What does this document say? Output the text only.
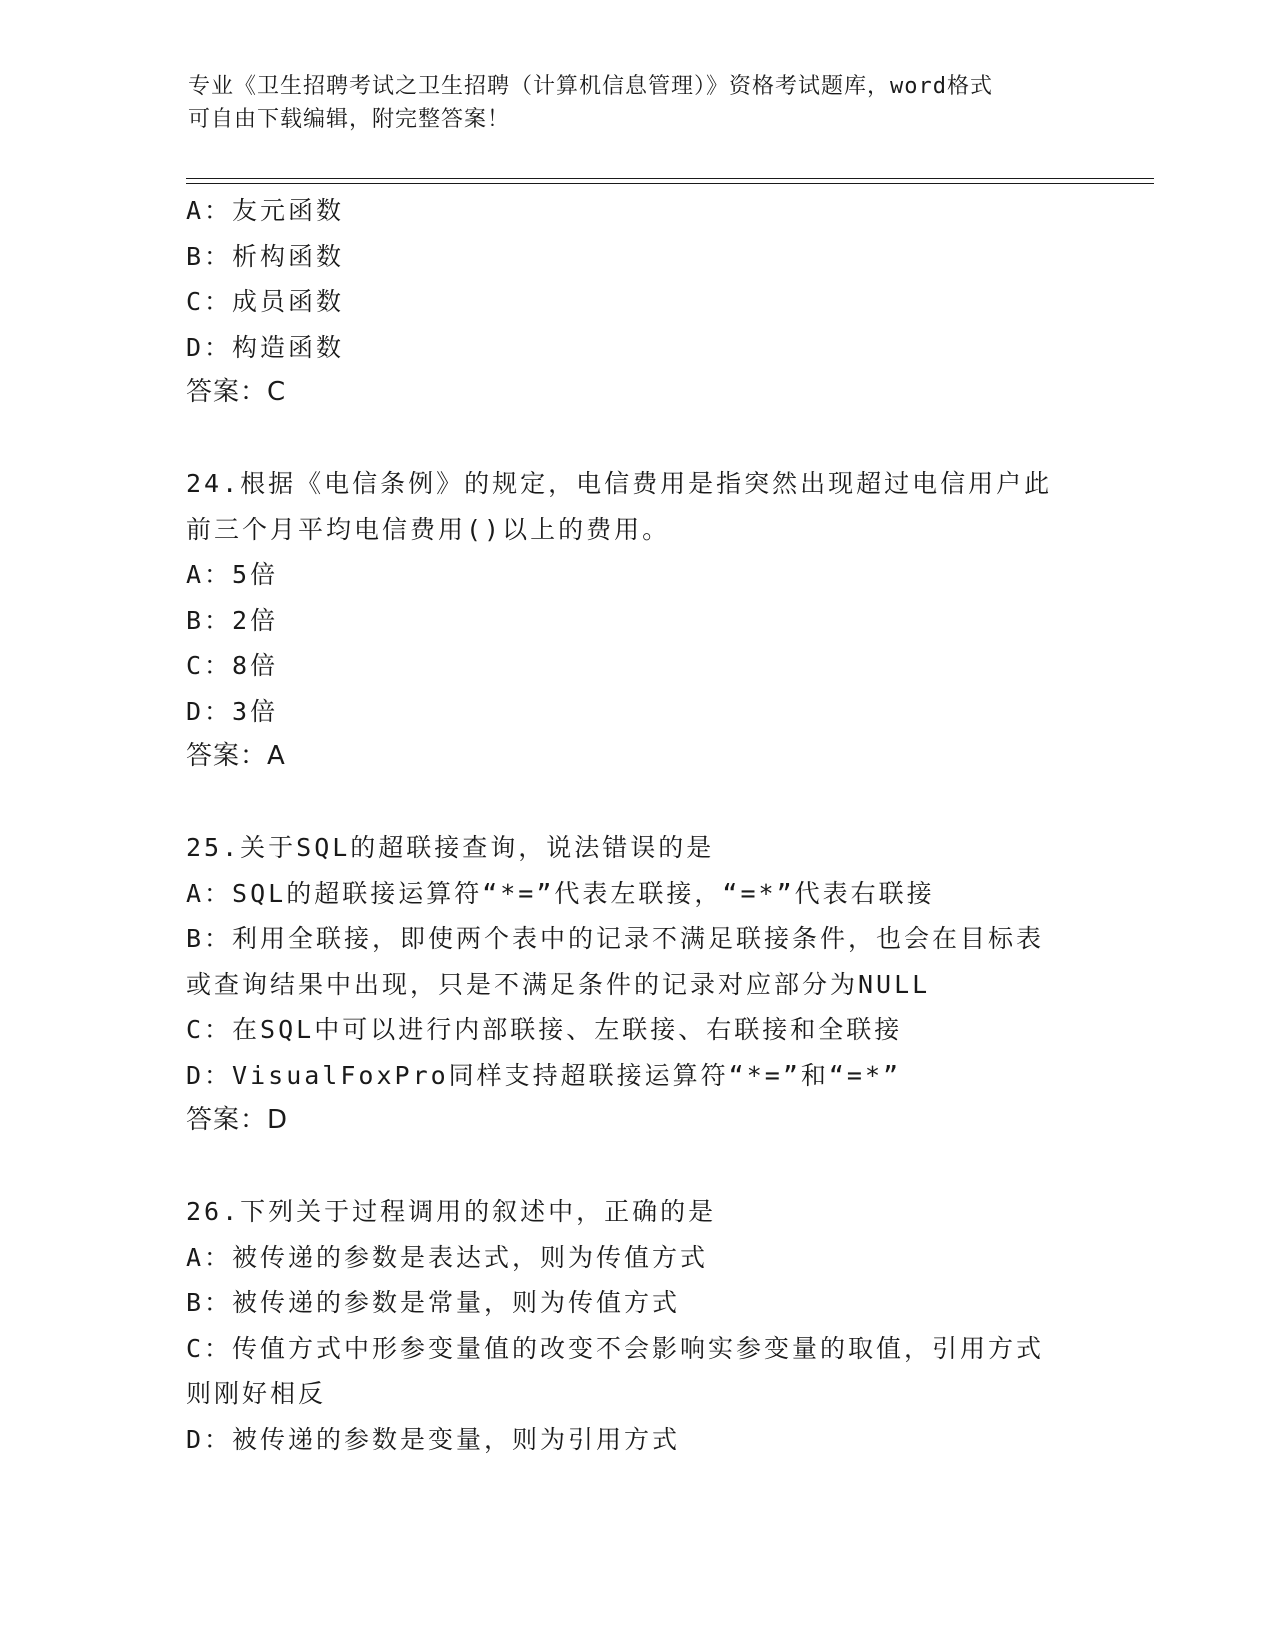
专业《卫生招聘考试之卫生招聘（计算机信息管理）》资格考试题库，word格式
可自由下载编辑，附完整答案！
A：友元函数
B：析构函数
C：成员函数
D：构造函数
答案：C
24.根据《电信条例》的规定，电信费用是指突然出现超过电信用户此
前三个月平均电信费用()以上的费用。
A：5倍
B：2倍
C：8倍
D：3倍
答案：A
25.关于SQL的超联接查询，说法错误的是
A：SQL的超联接运算符“*=”代表左联接，“=*”代表右联接
B：利用全联接，即使两个表中的记录不满足联接条件，也会在目标表
或查询结果中出现，只是不满足条件的记录对应部分为NULL
C：在SQL中可以进行内部联接、左联接、右联接和全联接
D：VisualFoxPro同样支持超联接运算符“*=”和“=*”
答案：D
26.下列关于过程调用的叙述中，正确的是
A：被传递的参数是表达式，则为传值方式
B：被传递的参数是常量，则为传值方式
C：传值方式中形参变量值的改变不会影响实参变量的取值，引用方式
则刚好相反
D：被传递的参数是变量，则为引用方式
